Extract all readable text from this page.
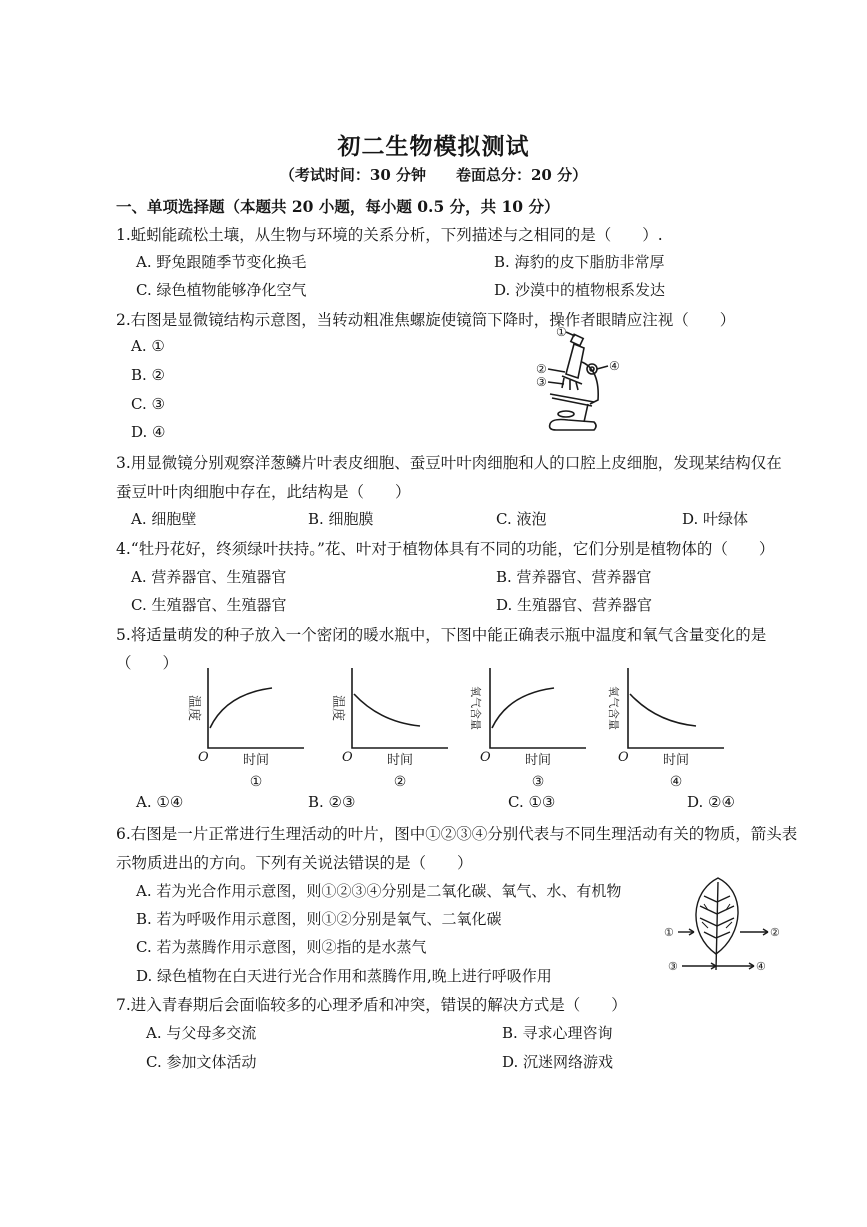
初二生物模拟测试
（考试时间：30 分钟　　卷面总分：20 分）
一、单项选择题（本题共 20 小题，每小题 0.5 分，共 10 分）
1.蚯蚓能疏松土壤，从生物与环境的关系分析，下列描述与之相同的是（　　）.
A. 野兔跟随季节变化换毛	B. 海豹的皮下脂肪非常厚
C. 绿色植物能够净化空气	D. 沙漠中的植物根系发达
2.右图是显微镜结构示意图，当转动粗准焦螺旋使镜筒下降时，操作者眼睛应注视（　　）
A. ①
B. ②
C. ③
D. ④
①
②
③
④
3.用显微镜分别观察洋葱鳞片叶表皮细胞、蚕豆叶叶肉细胞和人的口腔上皮细胞，发现某结构仅在
蚕豆叶叶肉细胞中存在，此结构是（　　）
A. 细胞壁	B. 细胞膜	C. 液泡	D. 叶绿体
4.“牡丹花好，终须绿叶扶持。”花、叶对于植物体具有不同的功能，它们分别是植物体的（　　）
A. 营养器官、生殖器官	B. 营养器官、营养器官
C. 生殖器官、生殖器官	D. 生殖器官、营养器官
5.将适量萌发的种子放入一个密闭的暖水瓶中，下图中能正确表示瓶中温度和氧气含量变化的是
（　　）
温度
O	时间
①
温度
O	时间
②
氧气含量
O	时间
③
氧气含量
O	时间
④
A. ①④	B. ②③	C. ①③	D. ②④
6.右图是一片正常进行生理活动的叶片，图中①②③④分别代表与不同生理活动有关的物质，箭头表
示物质进出的方向。下列有关说法错误的是（　　）
A. 若为光合作用示意图，则①②③④分别是二氧化碳、氧气、水、有机物
B. 若为呼吸作用示意图，则①②分别是氧气、二氧化碳
C. 若为蒸腾作用示意图，则②指的是水蒸气
D. 绿色植物在白天进行光合作用和蒸腾作用,晚上进行呼吸作用
①	②
③	④
7.进入青春期后会面临较多的心理矛盾和冲突，错误的解决方式是（　　）
A. 与父母多交流	B. 寻求心理咨询
C. 参加文体活动	D. 沉迷网络游戏
